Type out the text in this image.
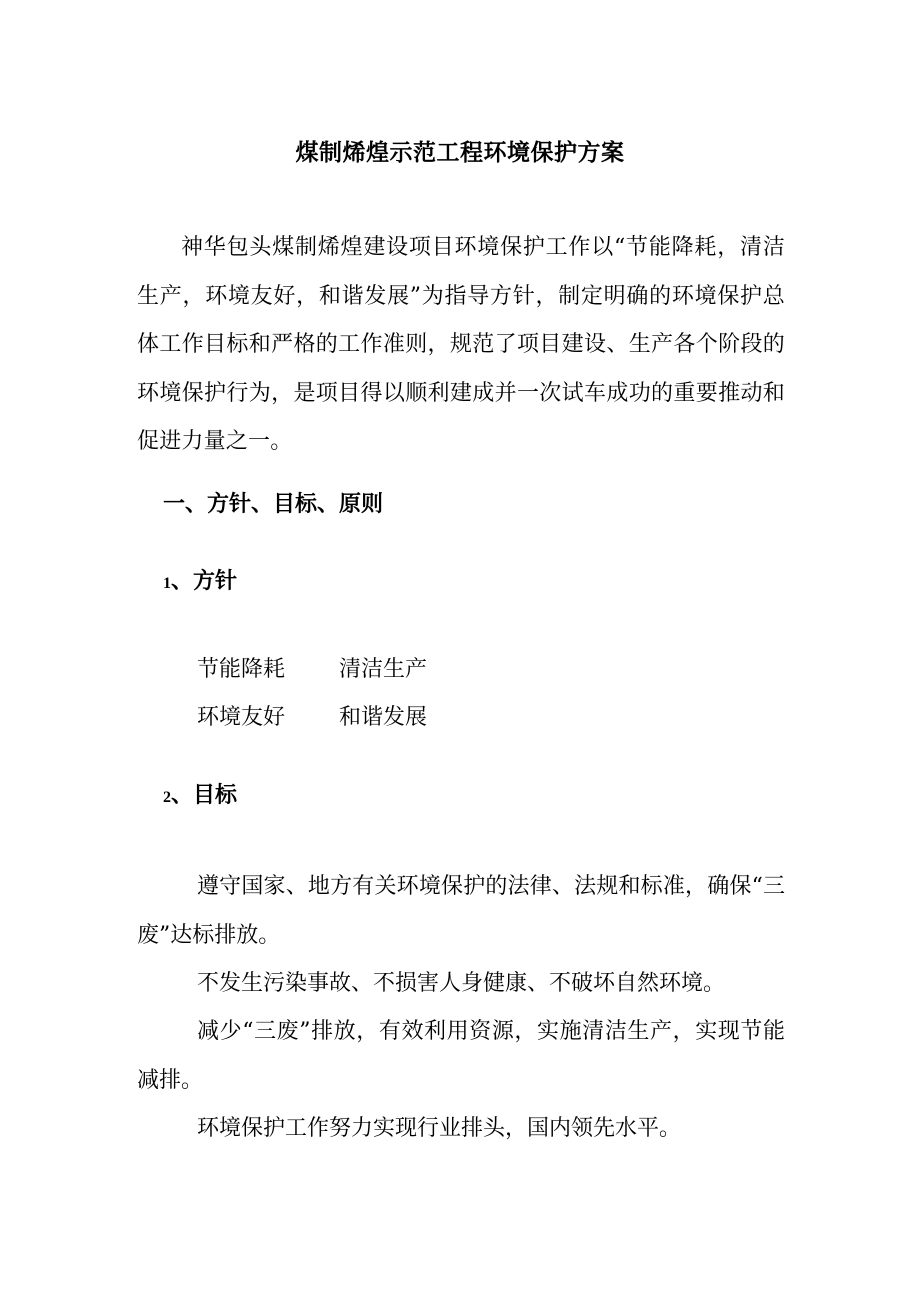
煤制烯煌示范工程环境保护方案

神华包头煤制烯煌建设项目环境保护工作以“节能降耗，清洁生产，环境友好，和谐发展”为指导方针，制定明确的环境保护总体工作目标和严格的工作准则，规范了项目建设、生产各个阶段的环境保护行为，是项目得以顺利建成并一次试车成功的重要推动和促进力量之一。

一、方针、目标、原则
1、方针
节能降耗 清洁生产
环境友好 和谐发展
2、目标

遵守国家、地方有关环境保护的法律、法规和标准，确保“三废”达标排放。

不发生污染事故、不损害人身健康、不破坏自然环境。

减少“三废”排放，有效利用资源，实施清洁生产，实现节能减排。

环境保护工作努力实现行业排头，国内领先水平。
